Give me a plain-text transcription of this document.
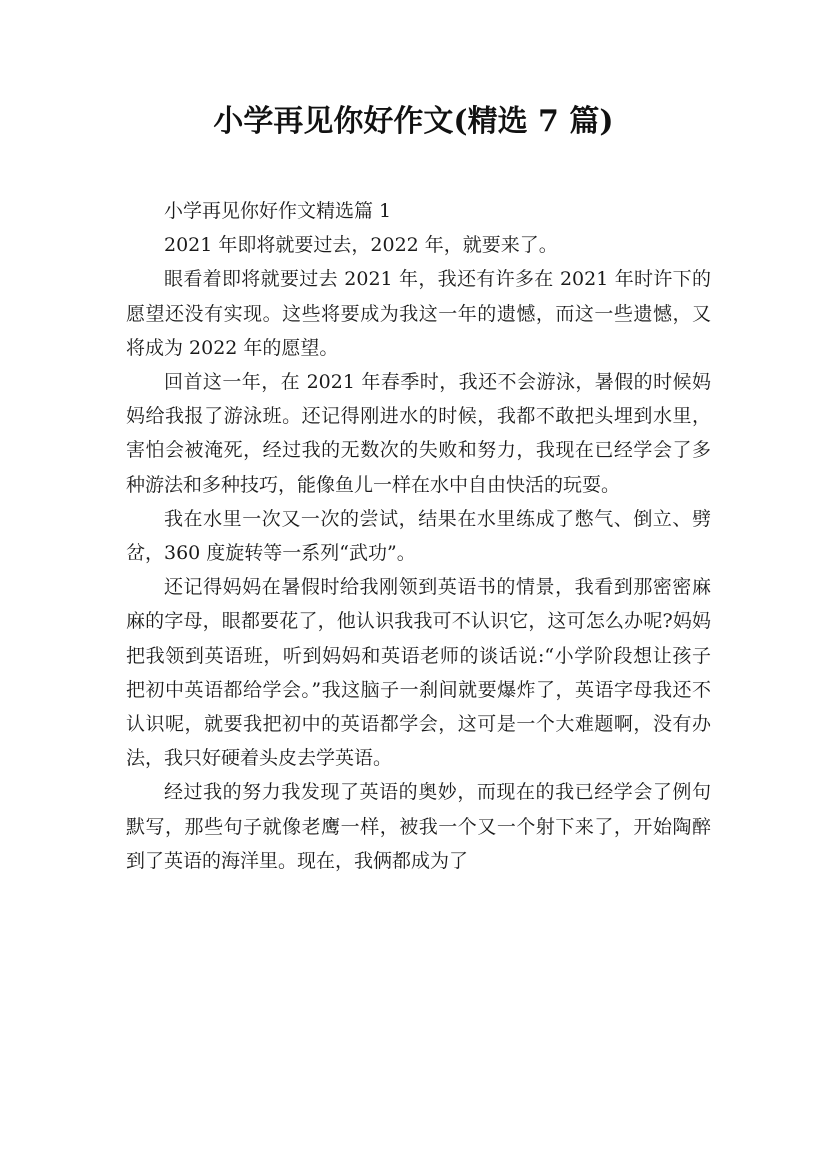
小学再见你好作文(精选 7 篇)

小学再见你好作文精选篇 1

2021 年即将就要过去，2022 年，就要来了。

眼看着即将就要过去 2021 年，我还有许多在 2021 年时许下的愿望还没有实现。这些将要成为我这一年的遗憾，而这一些遗憾，又将成为 2022 年的愿望。

回首这一年，在 2021 年春季时，我还不会游泳，暑假的时候妈妈给我报了游泳班。还记得刚进水的时候，我都不敢把头埋到水里，害怕会被淹死，经过我的无数次的失败和努力，我现在已经学会了多种游法和多种技巧，能像鱼儿一样在水中自由快活的玩耍。

我在水里一次又一次的尝试，结果在水里练成了憋气、倒立、劈岔，360 度旋转等一系列“武功”。

还记得妈妈在暑假时给我刚领到英语书的情景，我看到那密密麻麻的字母，眼都要花了，他认识我我可不认识它，这可怎么办呢?妈妈把我领到英语班，听到妈妈和英语老师的谈话说:“小学阶段想让孩子把初中英语都给学会。”我这脑子一刹间就要爆炸了，英语字母我还不认识呢，就要我把初中的英语都学会，这可是一个大难题啊，没有办法，我只好硬着头皮去学英语。

经过我的努力我发现了英语的奥妙，而现在的我已经学会了例句默写，那些句子就像老鹰一样，被我一个又一个射下来了，开始陶醉到了英语的海洋里。现在，我俩都成为了
